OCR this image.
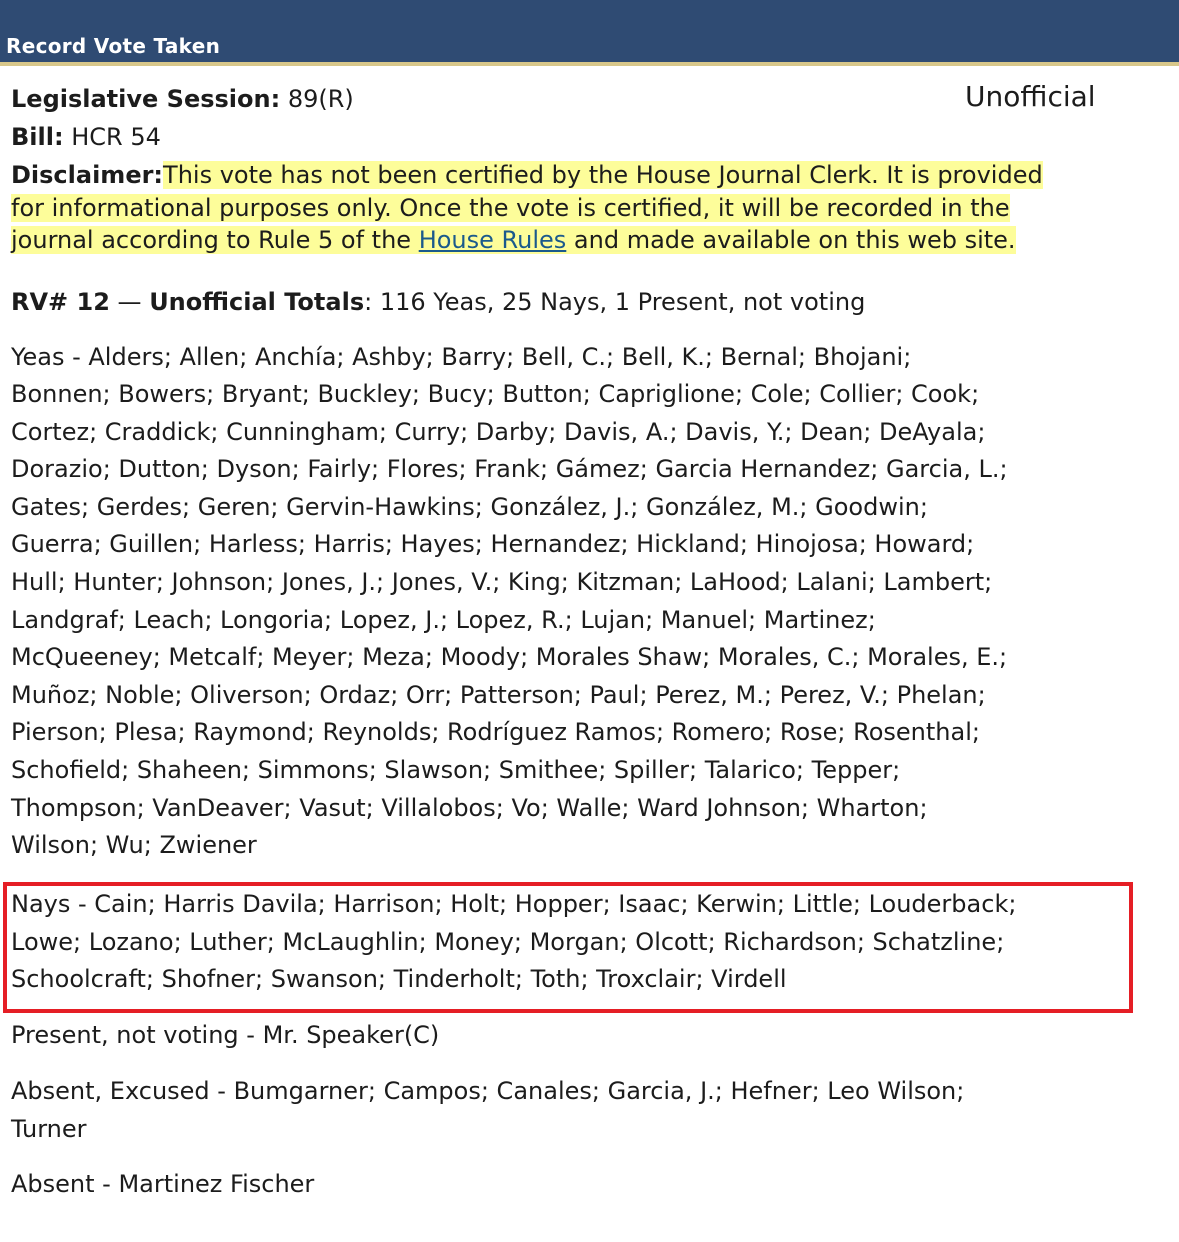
Record Vote Taken
Unofficial
Legislative Session: 89(R)
Bill: HCR 54
Disclaimer:This vote has not been certified by the House Journal Clerk. It is provided
for informational purposes only. Once the vote is certified, it will be recorded in the
journal according to Rule 5 of the House Rules and made available on this web site.
RV# 12 — Unofficial Totals: 116 Yeas, 25 Nays, 1 Present, not voting
Yeas - Alders; Allen; Anchía; Ashby; Barry; Bell, C.; Bell, K.; Bernal; Bhojani;
Bonnen; Bowers; Bryant; Buckley; Bucy; Button; Capriglione; Cole; Collier; Cook;
Cortez; Craddick; Cunningham; Curry; Darby; Davis, A.; Davis, Y.; Dean; DeAyala;
Dorazio; Dutton; Dyson; Fairly; Flores; Frank; Gámez; Garcia Hernandez; Garcia, L.;
Gates; Gerdes; Geren; Gervin-Hawkins; González, J.; González, M.; Goodwin;
Guerra; Guillen; Harless; Harris; Hayes; Hernandez; Hickland; Hinojosa; Howard;
Hull; Hunter; Johnson; Jones, J.; Jones, V.; King; Kitzman; LaHood; Lalani; Lambert;
Landgraf; Leach; Longoria; Lopez, J.; Lopez, R.; Lujan; Manuel; Martinez;
McQueeney; Metcalf; Meyer; Meza; Moody; Morales Shaw; Morales, C.; Morales, E.;
Muñoz; Noble; Oliverson; Ordaz; Orr; Patterson; Paul; Perez, M.; Perez, V.; Phelan;
Pierson; Plesa; Raymond; Reynolds; Rodríguez Ramos; Romero; Rose; Rosenthal;
Schofield; Shaheen; Simmons; Slawson; Smithee; Spiller; Talarico; Tepper;
Thompson; VanDeaver; Vasut; Villalobos; Vo; Walle; Ward Johnson; Wharton;
Wilson; Wu; Zwiener
Nays - Cain; Harris Davila; Harrison; Holt; Hopper; Isaac; Kerwin; Little; Louderback;
Lowe; Lozano; Luther; McLaughlin; Money; Morgan; Olcott; Richardson; Schatzline;
Schoolcraft; Shofner; Swanson; Tinderholt; Toth; Troxclair; Virdell
Present, not voting - Mr. Speaker(C)
Absent, Excused - Bumgarner; Campos; Canales; Garcia, J.; Hefner; Leo Wilson;
Turner
Absent - Martinez Fischer
